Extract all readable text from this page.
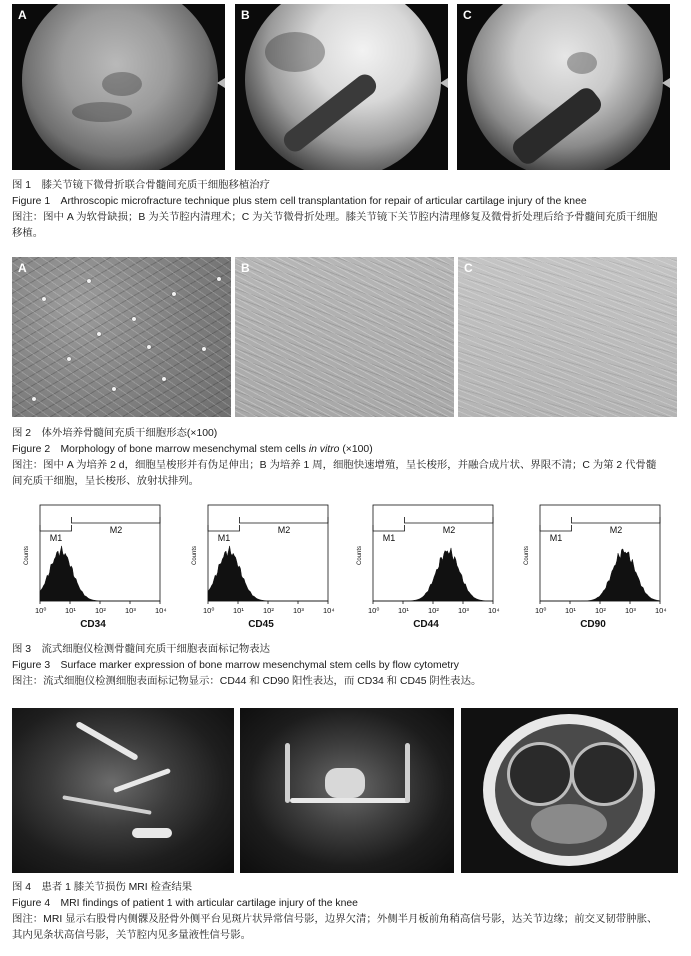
A	B	C

图 1　膝关节镜下微骨折联合骨髓间充质干细胞移植治疗

Figure 1　Arthroscopic microfracture technique plus stem cell transplantation for repair of articular cartilage injury of the knee

图注：图中 A 为软骨缺损；B 为关节腔内清理术；C 为关节微骨折处理。膝关节镜下关节腔内清理修复及微骨折处理后给予骨髓间充质干细胞

移植。

A	B	C

图 2　体外培养骨髓间充质干细胞形态(×100)

Figure 2　Morphology of bone marrow mesenchymal stem cells in vitro (×100)

图注：图中 A 为培养 2 d，细胞呈梭形并有伪足伸出；B 为培养 1 周，细胞快速增殖，呈长梭形，并融合成片状、界限不清；C 为第 2 代骨髓

间充质干细胞，呈长梭形、放射状排列。

M1
M2
Counts
10⁰ 10¹	10²	10³	10⁴
CD34
M1
M2
Counts
10⁰ 10¹	10²	10³	10⁴
CD45
M1
M2
Counts
10⁰ 10¹	10²	10³	10⁴
CD44
M1
M2
Counts
10⁰ 10¹	10²	10³	10⁴
CD90

图 3　流式细胞仪检测骨髓间充质干细胞表面标记物表达

Figure 3　Surface marker expression of bone marrow mesenchymal stem cells by flow cytometry

图注：流式细胞仪检测细胞表面标记物显示：CD44 和 CD90 阳性表达，而 CD34 和 CD45 阴性表达。

图 4　患者 1 膝关节损伤 MRI 检查结果

Figure 4　MRI findings of patient 1 with articular cartilage injury of the knee

图注：MRI 显示右股骨内侧髁及胫骨外侧平台见斑片状异常信号影，边界欠清；外侧半月板前角稍高信号影，达关节边缘；前交叉韧带肿胀、

其内见条状高信号影，关节腔内见多量液性信号影。
